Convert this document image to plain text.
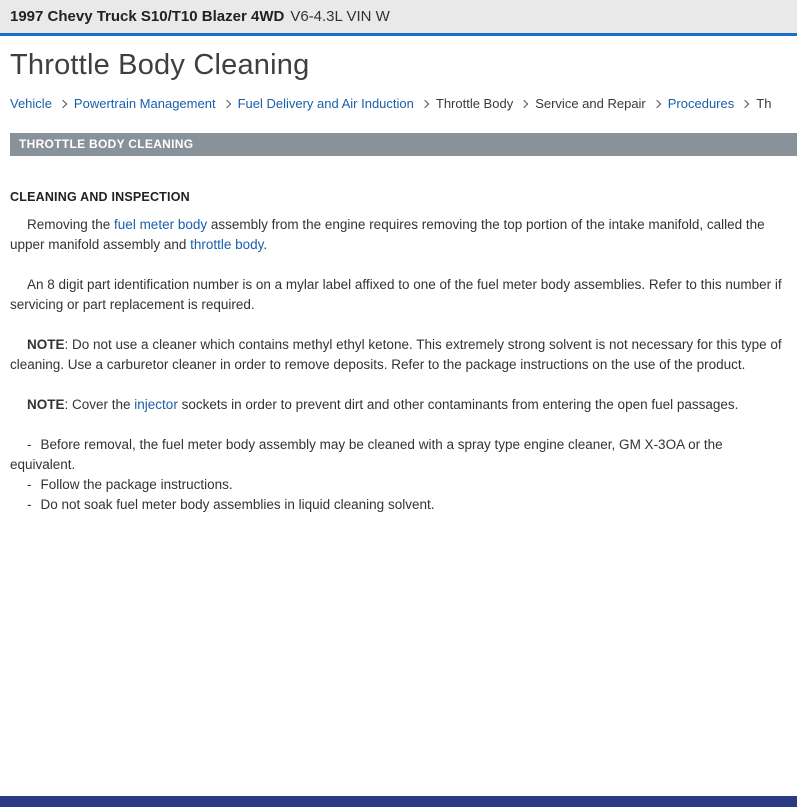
1997 Chevy Truck S10/T10 Blazer 4WD V6-4.3L VIN W
Throttle Body Cleaning
Vehicle Powertrain Management Fuel Delivery and Air Induction Throttle Body Service and Repair Procedures Th
THROTTLE BODY CLEANING
CLEANING AND INSPECTION

Removing the fuel meter body assembly from the engine requires removing the top portion of the intake manifold, called the upper manifold assembly and throttle body.

An 8 digit part identification number is on a mylar label affixed to one of the fuel meter body assemblies. Refer to this number if servicing or part replacement is required.

NOTE: Do not use a cleaner which contains methyl ethyl ketone. This extremely strong solvent is not necessary for this type of cleaning. Use a carburetor cleaner in order to remove deposits. Refer to the package instructions on the use of the product.

NOTE: Cover the injector sockets in order to prevent dirt and other contaminants from entering the open fuel passages.

- Before removal, the fuel meter body assembly may be cleaned with a spray type engine cleaner, GM X-3OA or the equivalent.

- Follow the package instructions.

- Do not soak fuel meter body assemblies in liquid cleaning solvent.
